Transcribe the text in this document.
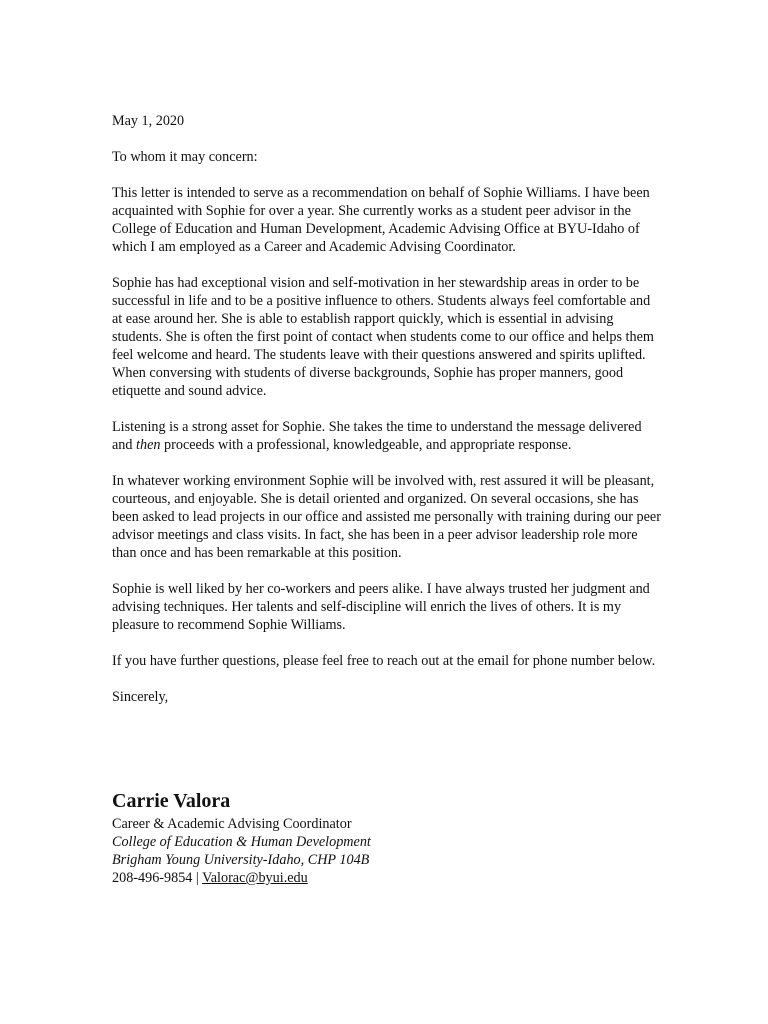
May 1, 2020

To whom it may concern:

This letter is intended to serve as a recommendation on behalf of Sophie Williams. I have been acquainted with Sophie for over a year. She currently works as a student peer advisor in the College of Education and Human Development, Academic Advising Office at BYU-Idaho of which I am employed as a Career and Academic Advising Coordinator.

Sophie has had exceptional vision and self-motivation in her stewardship areas in order to be successful in life and to be a positive influence to others. Students always feel comfortable and at ease around her. She is able to establish rapport quickly, which is essential in advising students. She is often the first point of contact when students come to our office and helps them feel welcome and heard. The students leave with their questions answered and spirits uplifted. When conversing with students of diverse backgrounds, Sophie has proper manners, good etiquette and sound advice.

Listening is a strong asset for Sophie. She takes the time to understand the message delivered and then proceeds with a professional, knowledgeable, and appropriate response.

In whatever working environment Sophie will be involved with, rest assured it will be pleasant, courteous, and enjoyable. She is detail oriented and organized. On several occasions, she has been asked to lead projects in our office and assisted me personally with training during our peer advisor meetings and class visits. In fact, she has been in a peer advisor leadership role more than once and has been remarkable at this position.

Sophie is well liked by her co-workers and peers alike. I have always trusted her judgment and advising techniques. Her talents and self-discipline will enrich the lives of others. It is my pleasure to recommend Sophie Williams.

If you have further questions, please feel free to reach out at the email for phone number below.

Sincerely,

Carrie Valora
Career & Academic Advising Coordinator
College of Education & Human Development
Brigham Young University-Idaho, CHP 104B
208-496-9854 | Valorac@byui.edu
